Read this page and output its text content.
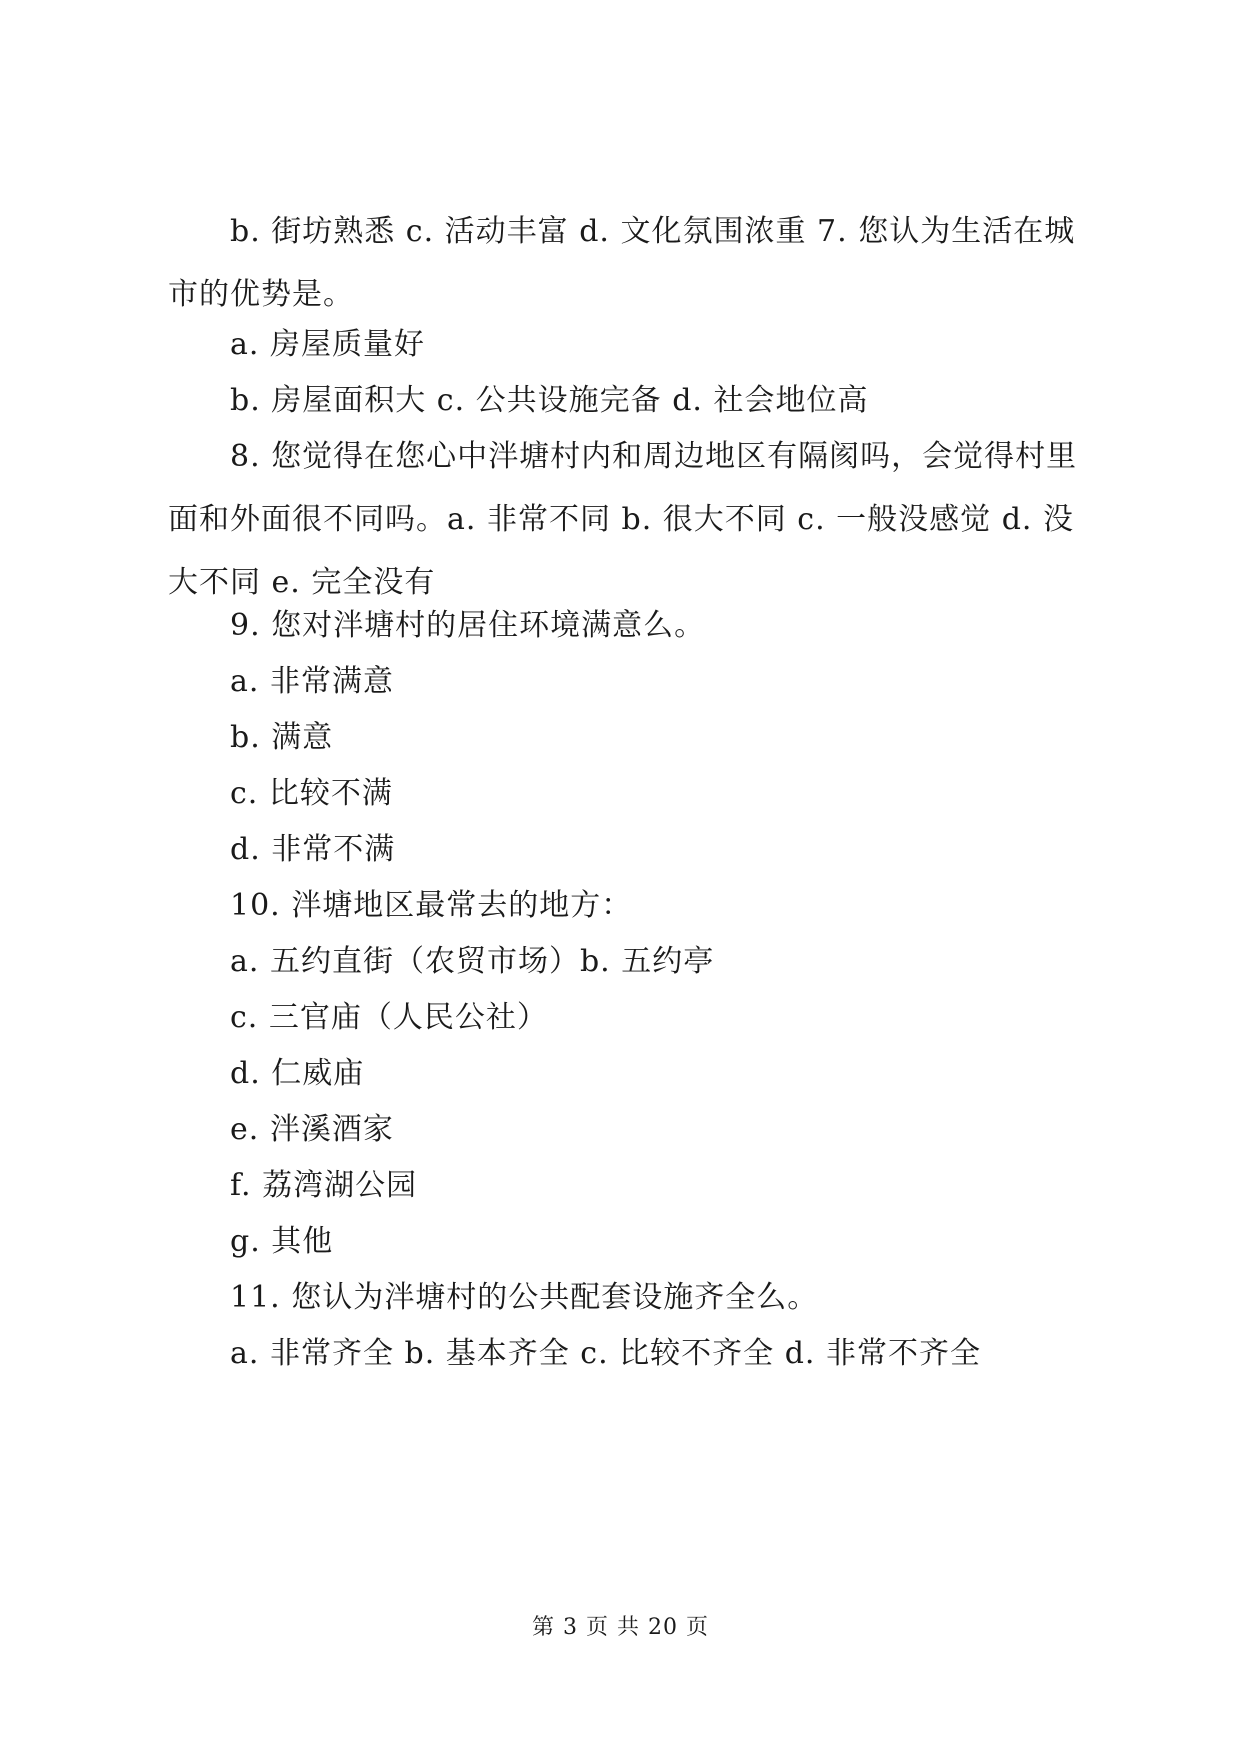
b. 街坊熟悉 c. 活动丰富 d. 文化氛围浓重 7. 您认为生活在城市的优势是。

a. 房屋质量好

b. 房屋面积大 c. 公共设施完备 d. 社会地位高

8. 您觉得在您心中泮塘村内和周边地区有隔阂吗，会觉得村里面和外面很不同吗。a. 非常不同 b. 很大不同 c. 一般没感觉 d. 没大不同 e. 完全没有

9. 您对泮塘村的居住环境满意么。

a. 非常满意

b. 满意

c. 比较不满

d. 非常不满

10. 泮塘地区最常去的地方：

a. 五约直街（农贸市场）b. 五约亭

c. 三官庙（人民公社）

d. 仁威庙

e. 泮溪酒家

f. 荔湾湖公园

g. 其他

11. 您认为泮塘村的公共配套设施齐全么。

a. 非常齐全 b. 基本齐全 c. 比较不齐全 d. 非常不齐全

第 3 页 共 20 页
